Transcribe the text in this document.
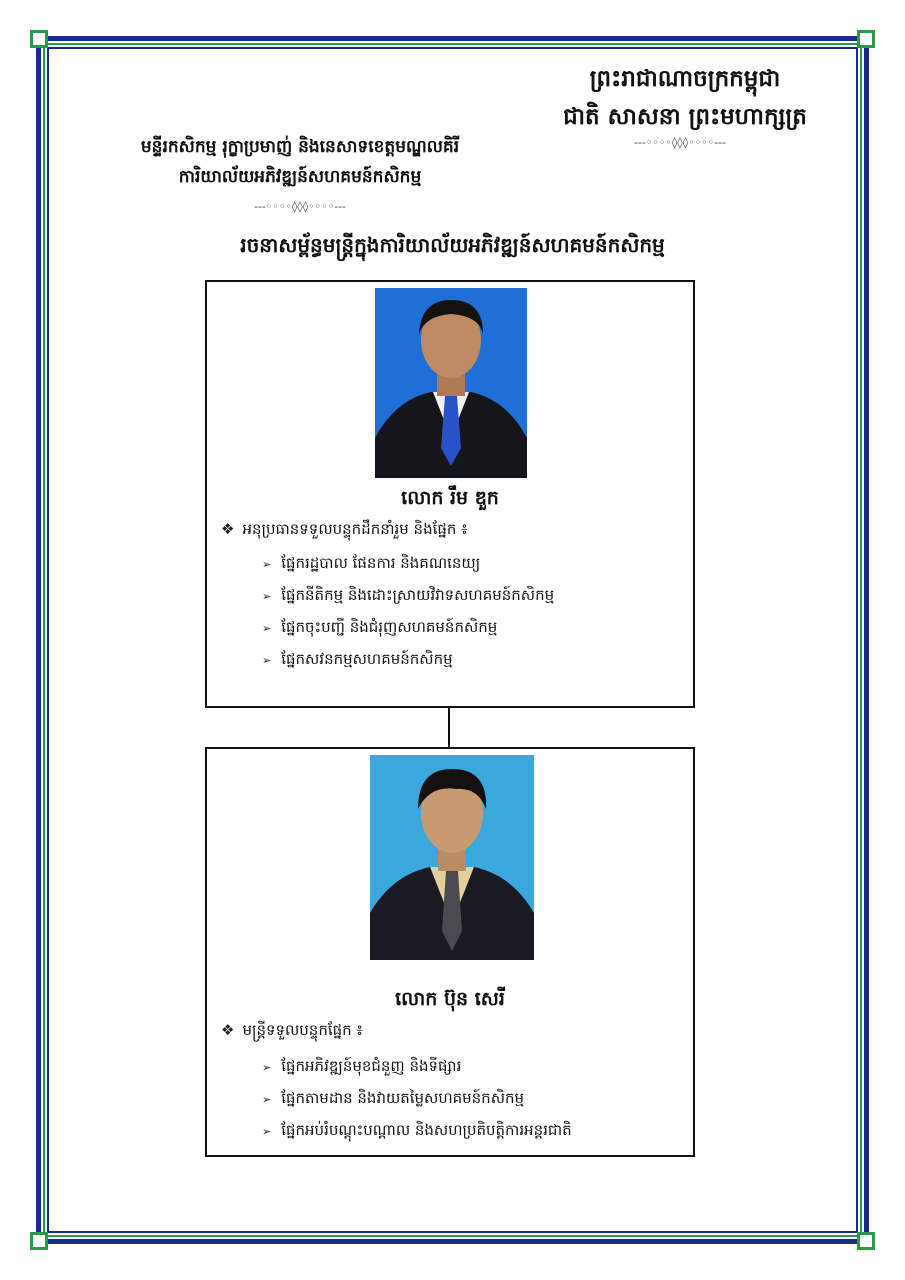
ព្រះរាជាណាចក្រកម្ពុជា
ជាតិ សាសនា ព្រះមហាក្សត្រ
---◦◦◦◦◊◊◊◦◦◦◦---
មន្ទីរកសិកម្ម រុក្ខាប្រមាញ់ និងនេសាទខេត្តមណ្ឌលគិរី
ការិយាល័យអភិវឌ្ឍន៍សហគមន៍កសិកម្ម
---◦◦◦◦◊◊◊◦◦◦◦---
រចនាសម្ព័ន្ធមន្ត្រីក្នុងការិយាល័យអភិវឌ្ឍន៍សហគមន៍កសិកម្ម
លោក រឹម ឌួក
❖ អនុប្រធានទទួលបន្ទុកដឹកនាំរួម និងផ្នែក ៖
➢ ផ្នែករដ្ឋបាល ផែនការ និងគណនេយ្យ
➢ ផ្នែកនីតិកម្ម និងដោះស្រាយវិវាទសហគមន៍កសិកម្ម
➢ ផ្នែកចុះបញ្ជី និងជំរុញសហគមន៍កសិកម្ម
➢ ផ្នែកសវនកម្មសហគមន៍កសិកម្ម
លោក ប៊ុន សេរី
❖ មន្ត្រីទទួលបន្ទុកផ្នែក ៖
➢ ផ្នែកអភិវឌ្ឍន៍មុខជំនួញ និងទីផ្សារ
➢ ផ្នែកតាមដាន និងវាយតម្លៃសហគមន៍កសិកម្ម
➢ ផ្នែកអប់រំបណ្តុះបណ្តាល និងសហប្រតិបត្តិការអន្តរជាតិ
